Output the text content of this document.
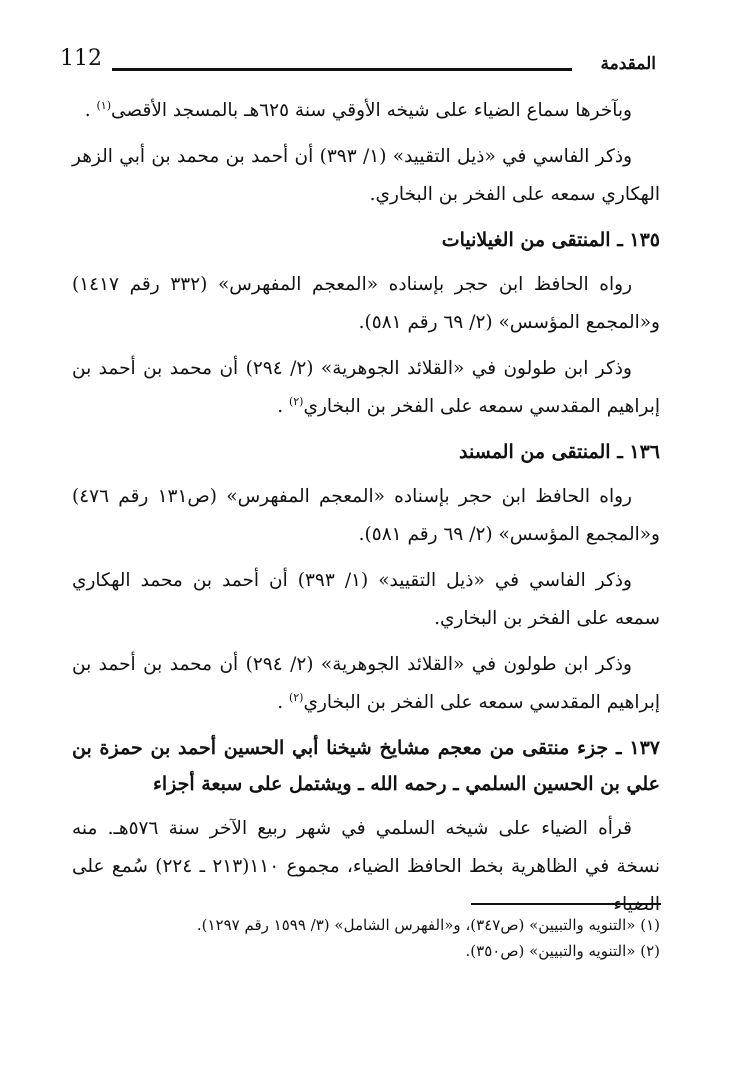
112	المقدمة

وبآخرها سماع الضياء على شيخه الأوقي سنة ٦٢٥هـ بالمسجد الأقصى$^{(١)}$ .

وذكر الفاسي في «ذيل التقييد» (١/ ٣٩٣) أن أحمد بن محمد بن أبي الزهر الهكاري سمعه على الفخر بن البخاري.

١٣٥ ـ المنتقى من الغيلانيات

رواه الحافظ ابن حجر بإسناده «المعجم المفهرس» (٣٣٢ رقم ١٤١٧) و«المجمع المؤسس» (٢/ ٦٩ رقم ٥٨١).

وذكر ابن طولون في «القلائد الجوهرية» (٢/ ٢٩٤) أن محمد بن أحمد بن إبراهيم المقدسي سمعه على الفخر بن البخاري$^{(٢)}$ .

١٣٦ ـ المنتقى من المسند

رواه الحافظ ابن حجر بإسناده «المعجم المفهرس» (ص١٣١ رقم ٤٧٦) و«المجمع المؤسس» (٢/ ٦٩ رقم ٥٨١).

وذكر الفاسي في «ذيل التقييد» (١/ ٣٩٣) أن أحمد بن محمد الهكاري سمعه على الفخر بن البخاري.

وذكر ابن طولون في «القلائد الجوهرية» (٢/ ٢٩٤) أن محمد بن أحمد بن إبراهيم المقدسي سمعه على الفخر بن البخاري$^{(٢)}$ .

١٣٧ ـ جزء منتقى من معجم مشايخ شيخنا أبي الحسين أحمد بن حمزة بن علي بن الحسين السلمي ـ رحمه الله ـ ويشتمل على سبعة أجزاء

قرأه الضياء على شيخه السلمي في شهر ربيع الآخر سنة ٥٧٦هـ. منه نسخة في الظاهرية بخط الحافظ الضياء، مجموع ١١٠(٢١٣ ـ ٢٢٤) سُمع على الضياء

(١) «التنويه والتبيين» (ص٣٤٧)، و«الفهرس الشامل» (٣/ ١٥٩٩ رقم ١٢٩٧).

(٢) «التنويه والتبيين» (ص٣٥٠).
